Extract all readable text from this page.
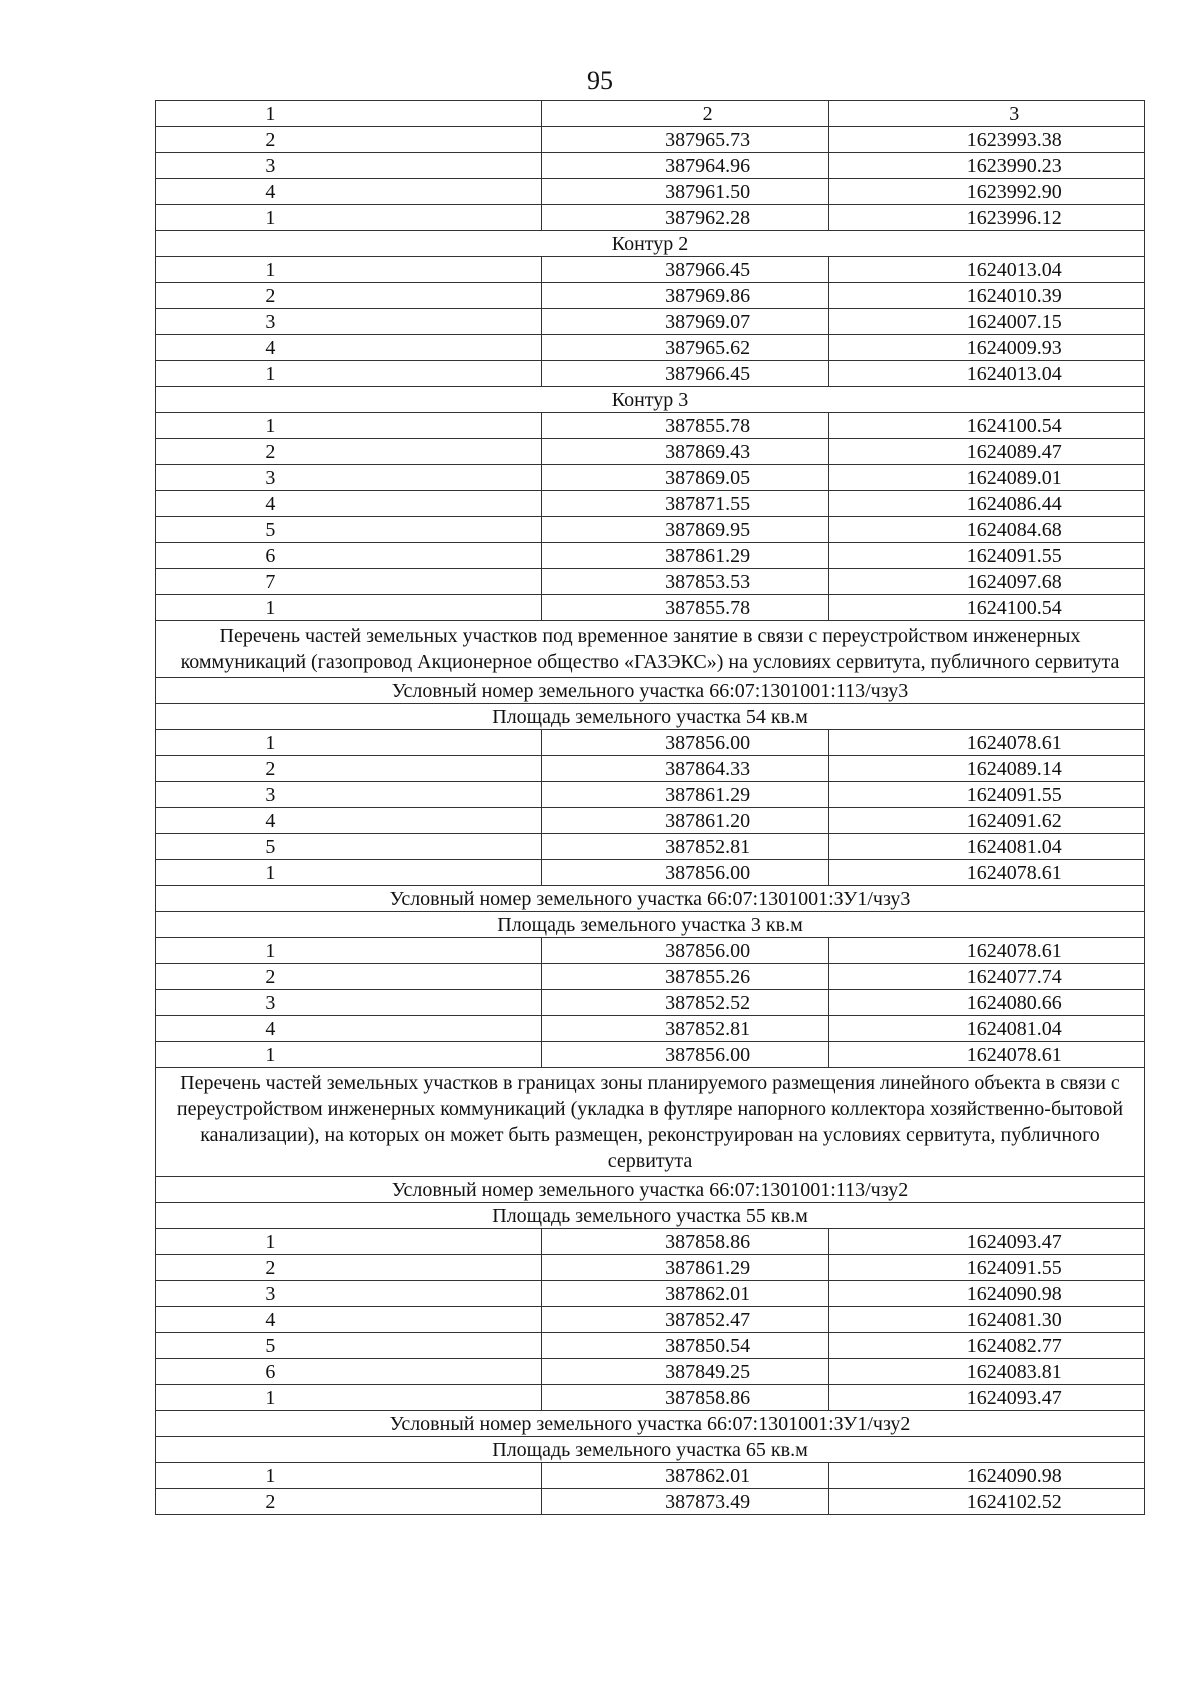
95
1	2	3
2	387965.73	1623993.38
3	387964.96	1623990.23
4	387961.50	1623992.90
1	387962.28	1623996.12
Контур 2		
1	387966.45	1624013.04
2	387969.86	1624010.39
3	387969.07	1624007.15
4	387965.62	1624009.93
1	387966.45	1624013.04
Контур 3		
1	387855.78	1624100.54
2	387869.43	1624089.47
3	387869.05	1624089.01
4	387871.55	1624086.44
5	387869.95	1624084.68
6	387861.29	1624091.55
7	387853.53	1624097.68
1	387855.78	1624100.54
Перечень частей земельных участков под временное занятие в связи с переустройством инженерных коммуникаций (газопровод Акционерное общество «ГАЗЭКС») на условиях сервитута, публичного сервитута		
Условный номер земельного участка 66:07:1301001:113/чзу3		
Площадь земельного участка 54 кв.м		
1	387856.00	1624078.61
2	387864.33	1624089.14
3	387861.29	1624091.55
4	387861.20	1624091.62
5	387852.81	1624081.04
1	387856.00	1624078.61
Условный номер земельного участка 66:07:1301001:ЗУ1/чзу3		
Площадь земельного участка 3 кв.м		
1	387856.00	1624078.61
2	387855.26	1624077.74
3	387852.52	1624080.66
4	387852.81	1624081.04
1	387856.00	1624078.61
Перечень частей земельных участков в границах зоны планируемого размещения линейного объекта в связи с переустройством инженерных коммуникаций (укладка в футляре напорного коллектора хозяйственно-бытовой канализации), на которых он может быть размещен, реконструирован на условиях сервитута, публичного сервитута		
Условный номер земельного участка 66:07:1301001:113/чзу2		
Площадь земельного участка 55 кв.м		
1	387858.86	1624093.47
2	387861.29	1624091.55
3	387862.01	1624090.98
4	387852.47	1624081.30
5	387850.54	1624082.77
6	387849.25	1624083.81
1	387858.86	1624093.47
Условный номер земельного участка 66:07:1301001:ЗУ1/чзу2		
Площадь земельного участка 65 кв.м		
1	387862.01	1624090.98
2	387873.49	1624102.52
